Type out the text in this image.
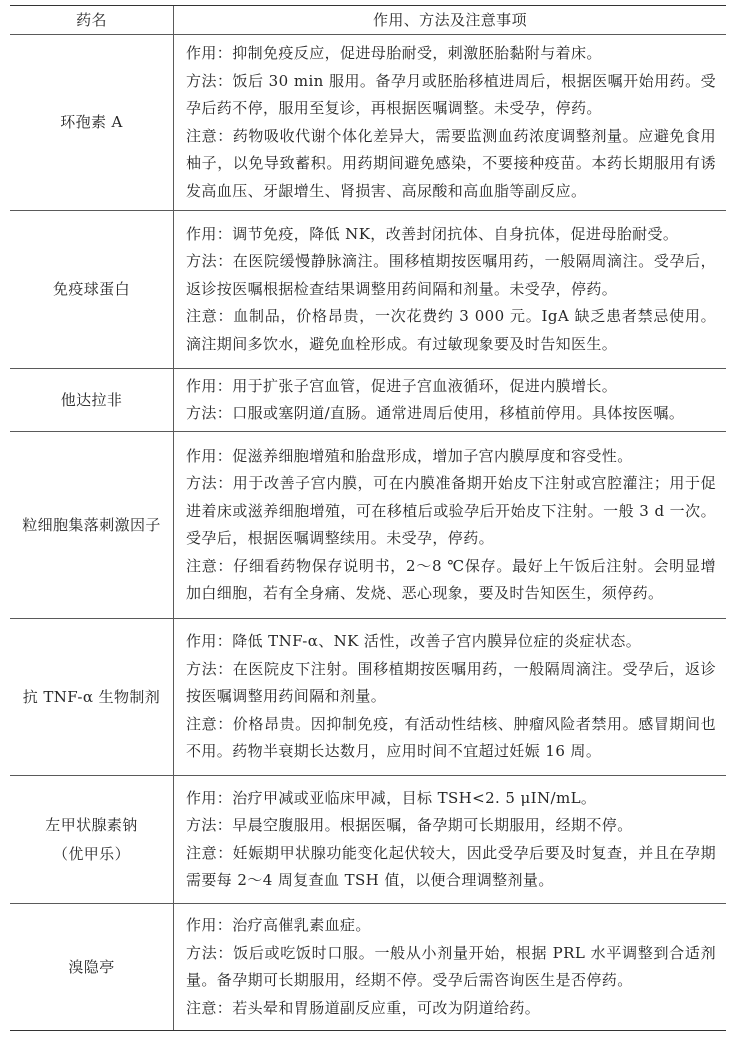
药名	作用、方法及注意事项

环孢素 A

作用：抑制免疫反应，促进母胎耐受，刺激胚胎黏附与着床。

方法：饭后 30 min 服用。备孕月或胚胎移植进周后，根据医嘱开始用药。受孕后药不停，服用至复诊，再根据医嘱调整。未受孕，停药。

注意：药物吸收代谢个体化差异大，需要监测血药浓度调整剂量。应避免食用柚子，以免导致蓄积。用药期间避免感染，不要接种疫苗。本药长期服用有诱发高血压、牙龈增生、肾损害、高尿酸和高血脂等副反应。

免疫球蛋白

作用：调节免疫，降低 NK，改善封闭抗体、自身抗体，促进母胎耐受。

方法：在医院缓慢静脉滴注。围移植期按医嘱用药，一般隔周滴注。受孕后，返诊按医嘱根据检查结果调整用药间隔和剂量。未受孕，停药。

注意：血制品，价格昂贵，一次花费约 3 000 元。IgA 缺乏患者禁忌使用。滴注期间多饮水，避免血栓形成。有过敏现象要及时告知医生。

他达拉非

作用：用于扩张子宫血管，促进子宫血液循环，促进内膜增长。

方法：口服或塞阴道/直肠。通常进周后使用，移植前停用。具体按医嘱。

粒细胞集落刺激因子

作用：促滋养细胞增殖和胎盘形成，增加子宫内膜厚度和容受性。

方法：用于改善子宫内膜，可在内膜准备期开始皮下注射或宫腔灌注；用于促进着床或滋养细胞增殖，可在移植后或验孕后开始皮下注射。一般 3 d 一次。受孕后，根据医嘱调整续用。未受孕，停药。

注意：仔细看药物保存说明书，2～8 ℃保存。最好上午饭后注射。会明显增加白细胞，若有全身痛、发烧、恶心现象，要及时告知医生，须停药。

抗 TNF-α 生物制剂

作用：降低 TNF-α、NK 活性，改善子宫内膜异位症的炎症状态。

方法：在医院皮下注射。围移植期按医嘱用药，一般隔周滴注。受孕后，返诊按医嘱调整用药间隔和剂量。

注意：价格昂贵。因抑制免疫，有活动性结核、肿瘤风险者禁用。感冒期间也不用。药物半衰期长达数月，应用时间不宜超过妊娠 16 周。

左甲状腺素钠

（优甲乐）

作用：治疗甲减或亚临床甲减，目标 TSH<2. 5 μIN/mL。

方法：早晨空腹服用。根据医嘱，备孕期可长期服用，经期不停。

注意：妊娠期甲状腺功能变化起伏较大，因此受孕后要及时复查，并且在孕期需要每 2～4 周复查血 TSH 值，以便合理调整剂量。

溴隐亭

作用：治疗高催乳素血症。

方法：饭后或吃饭时口服。一般从小剂量开始，根据 PRL 水平调整到合适剂量。备孕期可长期服用，经期不停。受孕后需咨询医生是否停药。

注意：若头晕和胃肠道副反应重，可改为阴道给药。
